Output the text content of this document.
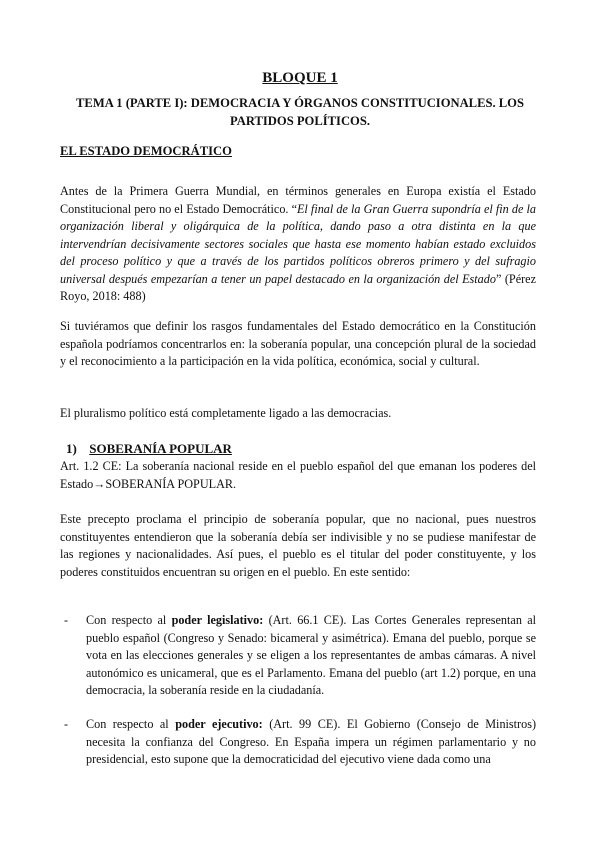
BLOQUE 1
TEMA 1 (PARTE I): DEMOCRACIA Y ÓRGANOS CONSTITUCIONALES. LOS PARTIDOS POLÍTICOS.
EL ESTADO DEMOCRÁTICO
Antes de la Primera Guerra Mundial, en términos generales en Europa existía el Estado Constitucional pero no el Estado Democrático. “El final de la Gran Guerra supondría el fin de la organización liberal y oligárquica de la política, dando paso a otra distinta en la que intervendrían decisivamente sectores sociales que hasta ese momento habían estado excluidos del proceso político y que a través de los partidos políticos obreros primero y del sufragio universal después empezarían a tener un papel destacado en la organización del Estado” (Pérez Royo, 2018: 488)
Si tuviéramos que definir los rasgos fundamentales del Estado democrático en la Constitución española podríamos concentrarlos en: la soberanía popular, una concepción plural de la sociedad y el reconocimiento a la participación en la vida política, económica, social y cultural.
El pluralismo político está completamente ligado a las democracias.
1) SOBERANÍA POPULAR
Art. 1.2 CE: La soberanía nacional reside en el pueblo español del que emanan los poderes del Estado→SOBERANÍA POPULAR.
Este precepto proclama el principio de soberanía popular, que no nacional, pues nuestros constituyentes entendieron que la soberanía debía ser indivisible y no se pudiese manifestar de las regiones y nacionalidades. Así pues, el pueblo es el titular del poder constituyente, y los poderes constituidos encuentran su origen en el pueblo. En este sentido:
-	Con respecto al poder legislativo: (Art. 66.1 CE). Las Cortes Generales representan al pueblo español (Congreso y Senado: bicameral y asimétrica). Emana del pueblo, porque se vota en las elecciones generales y se eligen a los representantes de ambas cámaras. A nivel autonómico es unicameral, que es el Parlamento. Emana del pueblo (art 1.2) porque, en una democracia, la soberanía reside en la ciudadanía.
-	Con respecto al poder ejecutivo: (Art. 99 CE). El Gobierno (Consejo de Ministros) necesita la confianza del Congreso. En España impera un régimen parlamentario y no presidencial, esto supone que la democraticidad del ejecutivo viene dada como una
